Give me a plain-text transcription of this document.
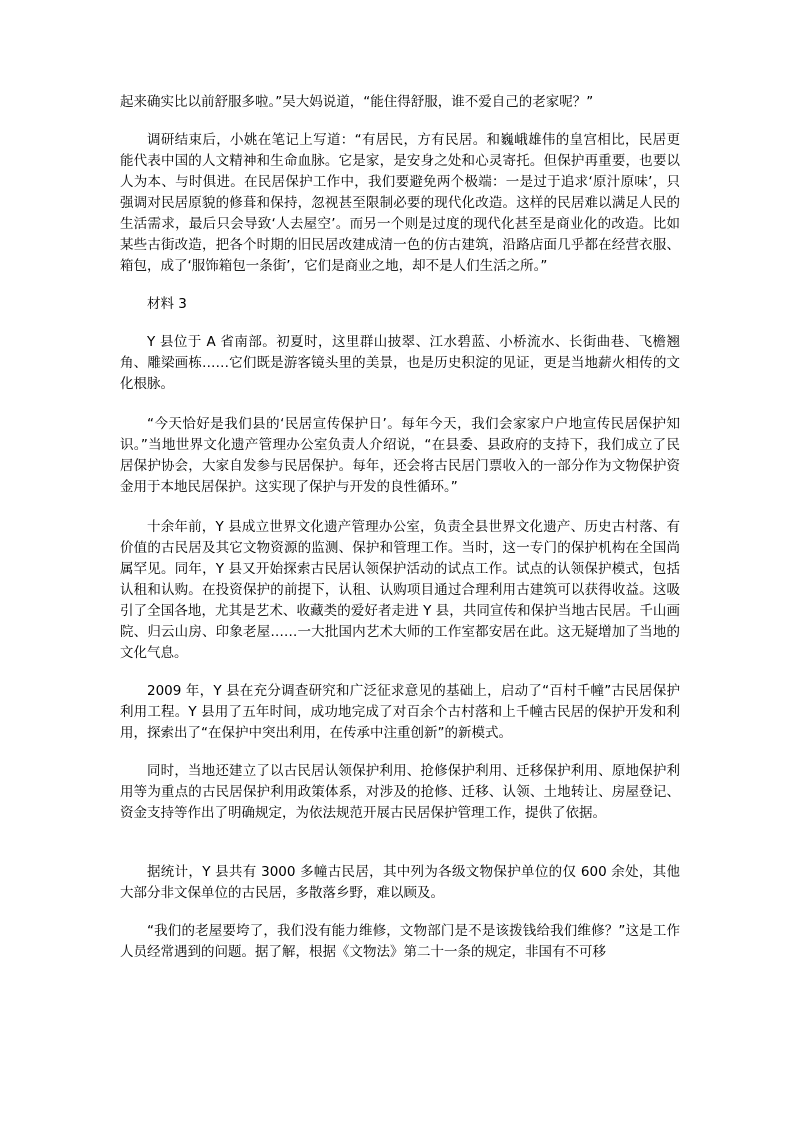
起来确实比以前舒服多啦。”吴大妈说道，“能住得舒服，谁不爱自己的老家呢？”

调研结束后，小姚在笔记上写道：“有居民，方有民居。和巍峨雄伟的皇宫相比，民居更能代表中国的人文精神和生命血脉。它是家，是安身之处和心灵寄托。但保护再重要，也要以人为本、与时俱进。在民居保护工作中，我们要避免两个极端：一是过于追求‘原汁原味’，只强调对民居原貌的修葺和保持，忽视甚至限制必要的现代化改造。这样的民居难以满足人民的生活需求，最后只会导致‘人去屋空’。而另一个则是过度的现代化甚至是商业化的改造。比如某些古街改造，把各个时期的旧民居改建成清一色的仿古建筑，沿路店面几乎都在经营衣服、箱包，成了‘服饰箱包一条街’，它们是商业之地，却不是人们生活之所。”

材料 3

Y 县位于 A 省南部。初夏时，这里群山披翠、江水碧蓝、小桥流水、长街曲巷、飞檐翘角、雕梁画栋……它们既是游客镜头里的美景，也是历史积淀的见证，更是当地薪火相传的文化根脉。

“今天恰好是我们县的‘民居宣传保护日’。每年今天，我们会家家户户地宣传民居保护知识。”当地世界文化遗产管理办公室负责人介绍说，“在县委、县政府的支持下，我们成立了民居保护协会，大家自发参与民居保护。每年，还会将古民居门票收入的一部分作为文物保护资金用于本地民居保护。这实现了保护与开发的良性循环。”

十余年前，Y 县成立世界文化遗产管理办公室，负责全县世界文化遗产、历史古村落、有价值的古民居及其它文物资源的监测、保护和管理工作。当时，这一专门的保护机构在全国尚属罕见。同年，Y 县又开始探索古民居认领保护活动的试点工作。试点的认领保护模式，包括认租和认购。在投资保护的前提下，认租、认购项目通过合理利用古建筑可以获得收益。这吸引了全国各地，尤其是艺术、收藏类的爱好者走进 Y 县，共同宣传和保护当地古民居。千山画院、归云山房、印象老屋……一大批国内艺术大师的工作室都安居在此。这无疑增加了当地的文化气息。

2009 年，Y 县在充分调查研究和广泛征求意见的基础上，启动了“百村千幢”古民居保护利用工程。Y 县用了五年时间，成功地完成了对百余个古村落和上千幢古民居的保护开发和利用，探索出了“在保护中突出利用，在传承中注重创新”的新模式。

同时，当地还建立了以古民居认领保护利用、抢修保护利用、迁移保护利用、原地保护利用等为重点的古民居保护利用政策体系，对涉及的抢修、迁移、认领、土地转让、房屋登记、资金支持等作出了明确规定，为依法规范开展古民居保护管理工作，提供了依据。

据统计，Y 县共有 3000 多幢古民居，其中列为各级文物保护单位的仅 600 余处，其他大部分非文保单位的古民居，多散落乡野，难以顾及。

“我们的老屋要垮了，我们没有能力维修，文物部门是不是该拨钱给我们维修？”这是工作人员经常遇到的问题。据了解，根据《文物法》第二十一条的规定，非国有不可移
